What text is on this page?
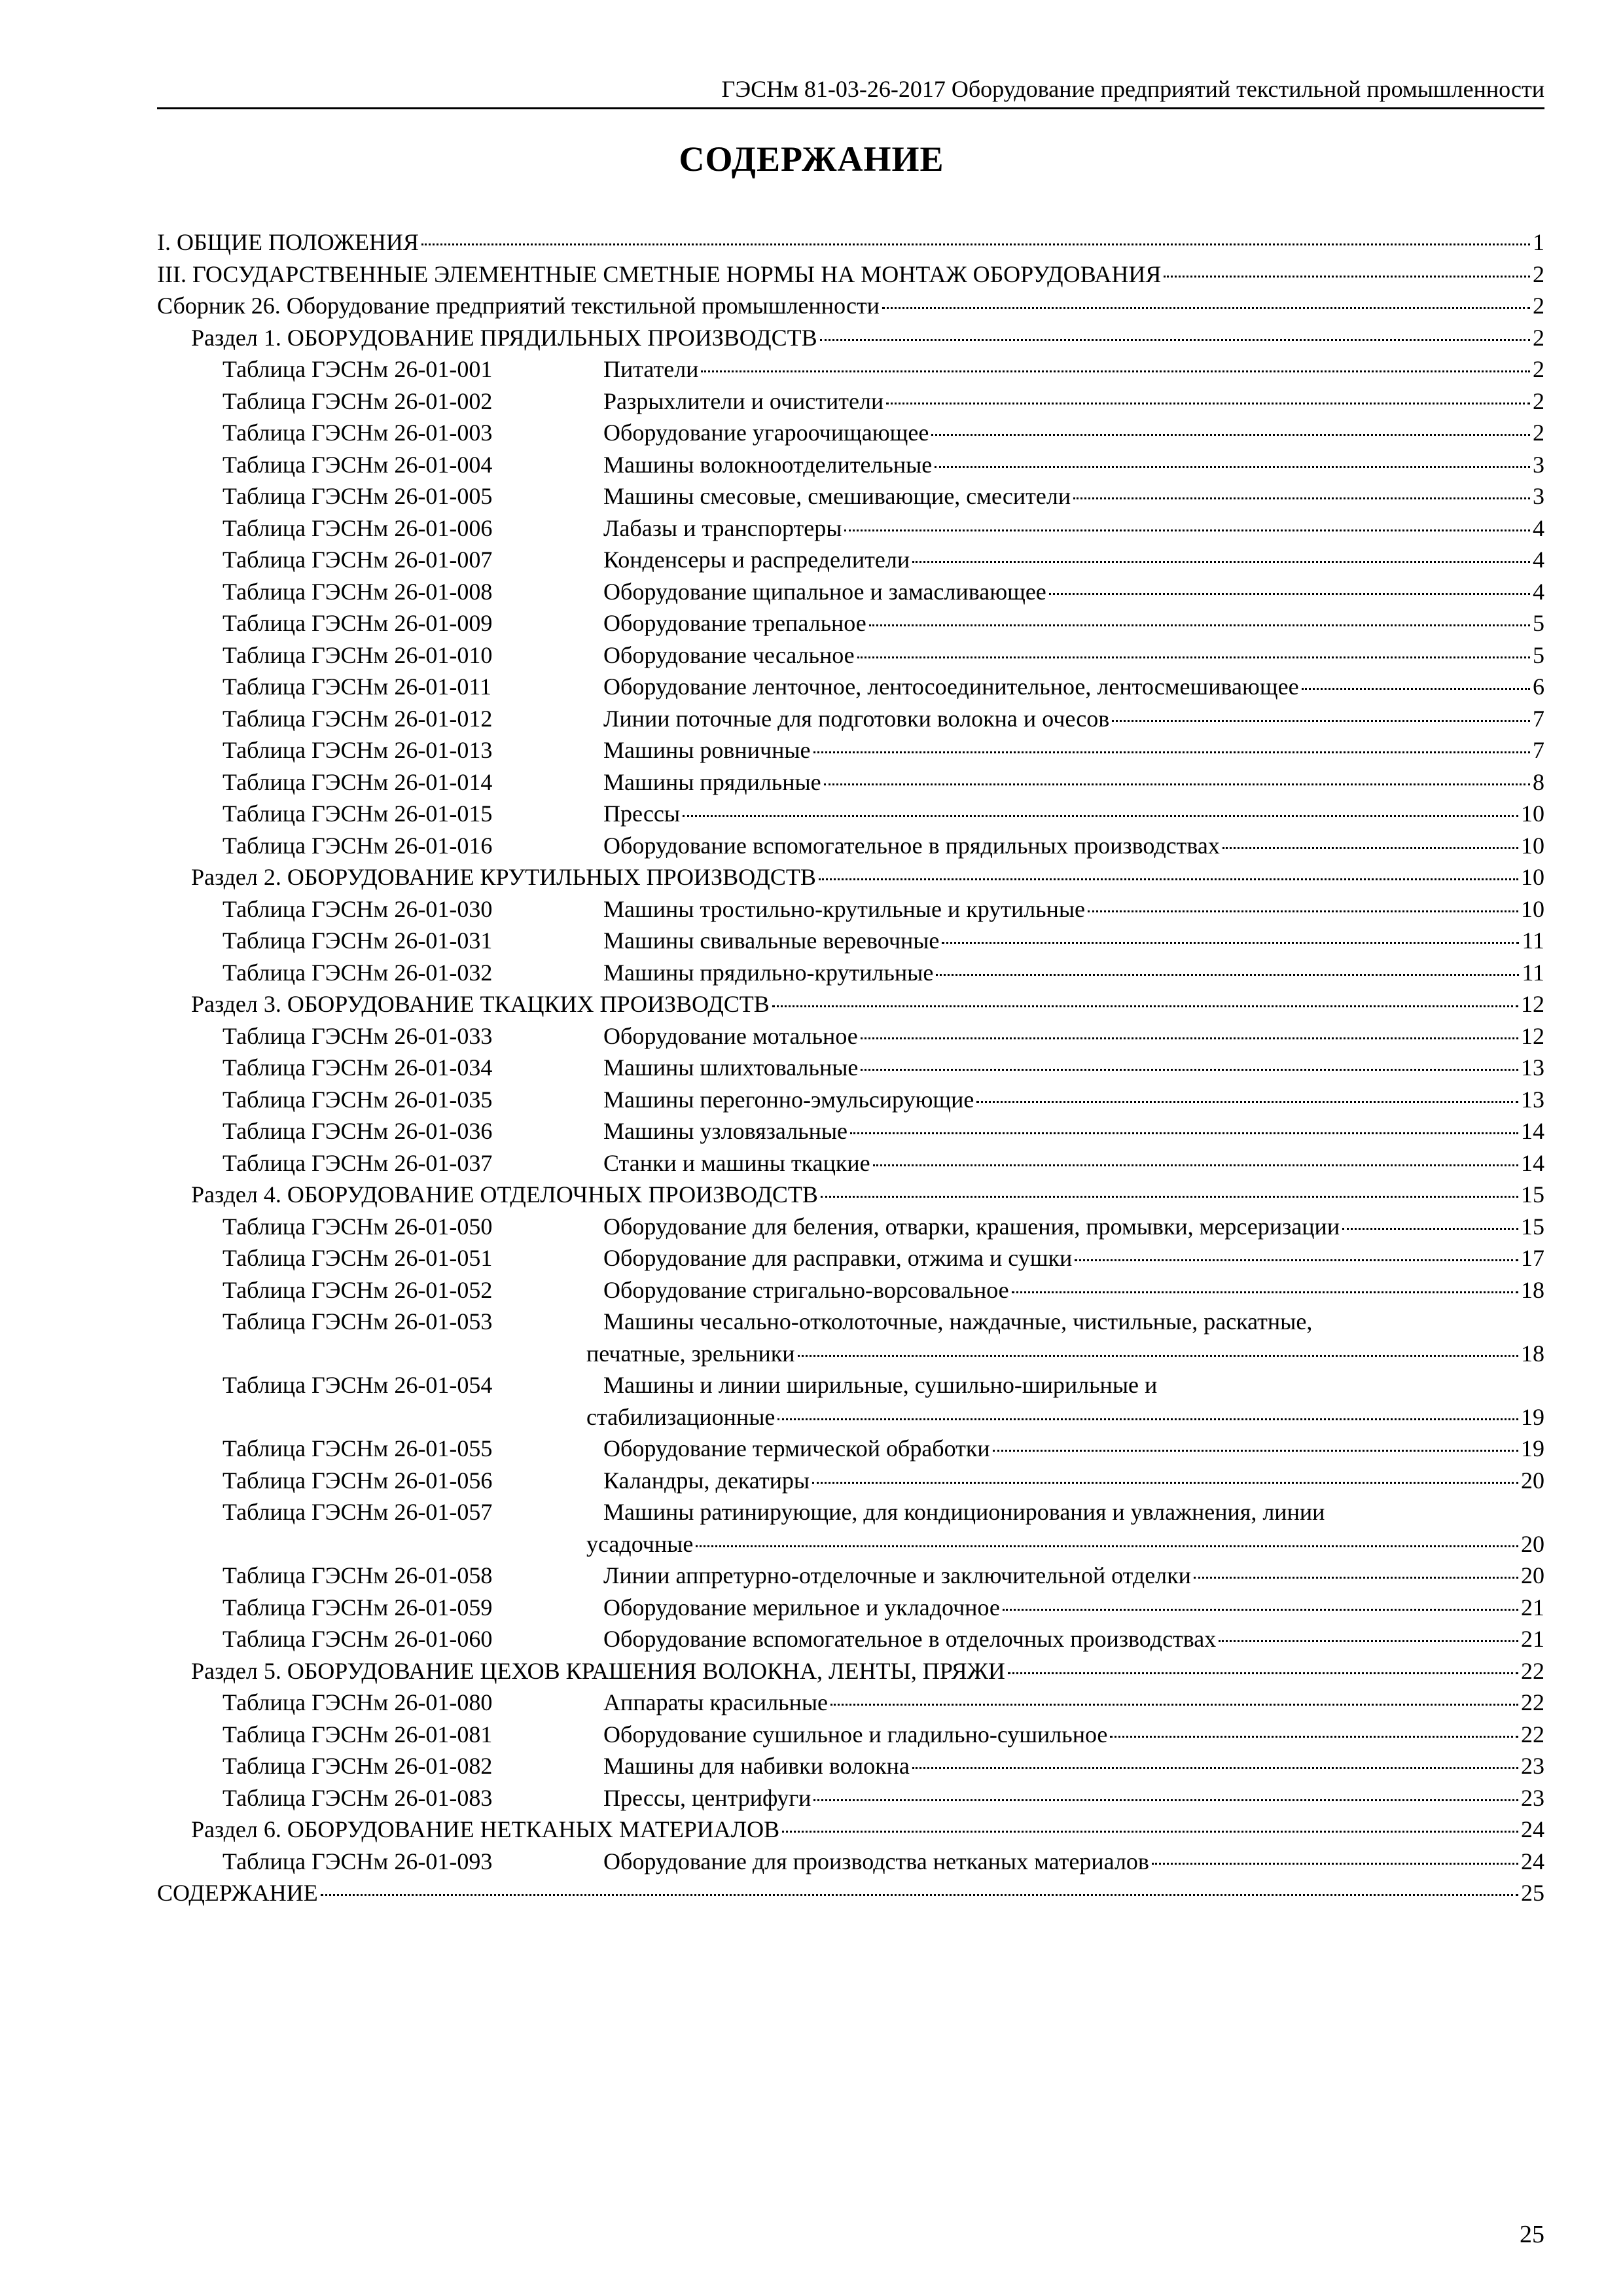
ГЭСНм 81-03-26-2017 Оборудование предприятий текстильной промышленности
СОДЕРЖАНИЕ
I. ОБЩИЕ ПОЛОЖЕНИЯ	1
III. ГОСУДАРСТВЕННЫЕ ЭЛЕМЕНТНЫЕ СМЕТНЫЕ НОРМЫ НА МОНТАЖ ОБОРУДОВАНИЯ	2
Сборник 26. Оборудование предприятий текстильной промышленности	2
Раздел 1. ОБОРУДОВАНИЕ ПРЯДИЛЬНЫХ ПРОИЗВОДСТВ	2
Таблица ГЭСНм 26-01-001	Питатели	2
Таблица ГЭСНм 26-01-002	Разрыхлители и очистители	2
Таблица ГЭСНм 26-01-003	Оборудование угароочищающее	2
Таблица ГЭСНм 26-01-004	Машины волокноотделительные	3
Таблица ГЭСНм 26-01-005	Машины смесовые, смешивающие, смесители	3
Таблица ГЭСНм 26-01-006	Лабазы и транспортеры	4
Таблица ГЭСНм 26-01-007	Конденсеры и распределители	4
Таблица ГЭСНм 26-01-008	Оборудование щипальное и замасливающее	4
Таблица ГЭСНм 26-01-009	Оборудование трепальное	5
Таблица ГЭСНм 26-01-010	Оборудование чесальное	5
Таблица ГЭСНм 26-01-011	Оборудование ленточное, лентосоединительное, лентосмешивающее	6
Таблица ГЭСНм 26-01-012	Линии поточные для подготовки волокна и очесов	7
Таблица ГЭСНм 26-01-013	Машины ровничные	7
Таблица ГЭСНм 26-01-014	Машины прядильные	8
Таблица ГЭСНм 26-01-015	Прессы	10
Таблица ГЭСНм 26-01-016	Оборудование вспомогательное в прядильных производствах	10
Раздел 2. ОБОРУДОВАНИЕ КРУТИЛЬНЫХ ПРОИЗВОДСТВ	10
Таблица ГЭСНм 26-01-030	Машины тростильно-крутильные и крутильные	10
Таблица ГЭСНм 26-01-031	Машины свивальные веревочные	11
Таблица ГЭСНм 26-01-032	Машины прядильно-крутильные	11
Раздел 3. ОБОРУДОВАНИЕ ТКАЦКИХ ПРОИЗВОДСТВ	12
Таблица ГЭСНм 26-01-033	Оборудование мотальное	12
Таблица ГЭСНм 26-01-034	Машины шлихтовальные	13
Таблица ГЭСНм 26-01-035	Машины перегонно-эмульсирующие	13
Таблица ГЭСНм 26-01-036	Машины узловязальные	14
Таблица ГЭСНм 26-01-037	Станки и машины ткацкие	14
Раздел 4. ОБОРУДОВАНИЕ ОТДЕЛОЧНЫХ ПРОИЗВОДСТВ	15
Таблица ГЭСНм 26-01-050	Оборудование для беления, отварки, крашения, промывки, мерсеризации	15
Таблица ГЭСНм 26-01-051	Оборудование для расправки, отжима и сушки	17
Таблица ГЭСНм 26-01-052	Оборудование стригально-ворсовальное	18
Таблица ГЭСНм 26-01-053	Машины чесально-отколоточные, наждачные, чистильные, раскатные,
печатные, зрельники	18
Таблица ГЭСНм 26-01-054	Машины и линии ширильные, сушильно-ширильные и
стабилизационные	19
Таблица ГЭСНм 26-01-055	Оборудование термической обработки	19
Таблица ГЭСНм 26-01-056	Каландры, декатиры	20
Таблица ГЭСНм 26-01-057	Машины ратинирующие, для кондиционирования и увлажнения, линии
усадочные	20
Таблица ГЭСНм 26-01-058	Линии аппретурно-отделочные и заключительной отделки	20
Таблица ГЭСНм 26-01-059	Оборудование мерильное и укладочное	21
Таблица ГЭСНм 26-01-060	Оборудование вспомогательное в отделочных производствах	21
Раздел 5. ОБОРУДОВАНИЕ ЦЕХОВ КРАШЕНИЯ ВОЛОКНА, ЛЕНТЫ, ПРЯЖИ	22
Таблица ГЭСНм 26-01-080	Аппараты красильные	22
Таблица ГЭСНм 26-01-081	Оборудование сушильное и гладильно-сушильное	22
Таблица ГЭСНм 26-01-082	Машины для набивки волокна	23
Таблица ГЭСНм 26-01-083	Прессы, центрифуги	23
Раздел 6. ОБОРУДОВАНИЕ НЕТКАНЫХ МАТЕРИАЛОВ	24
Таблица ГЭСНм 26-01-093	Оборудование для производства нетканых материалов	24
СОДЕРЖАНИЕ	25
25
